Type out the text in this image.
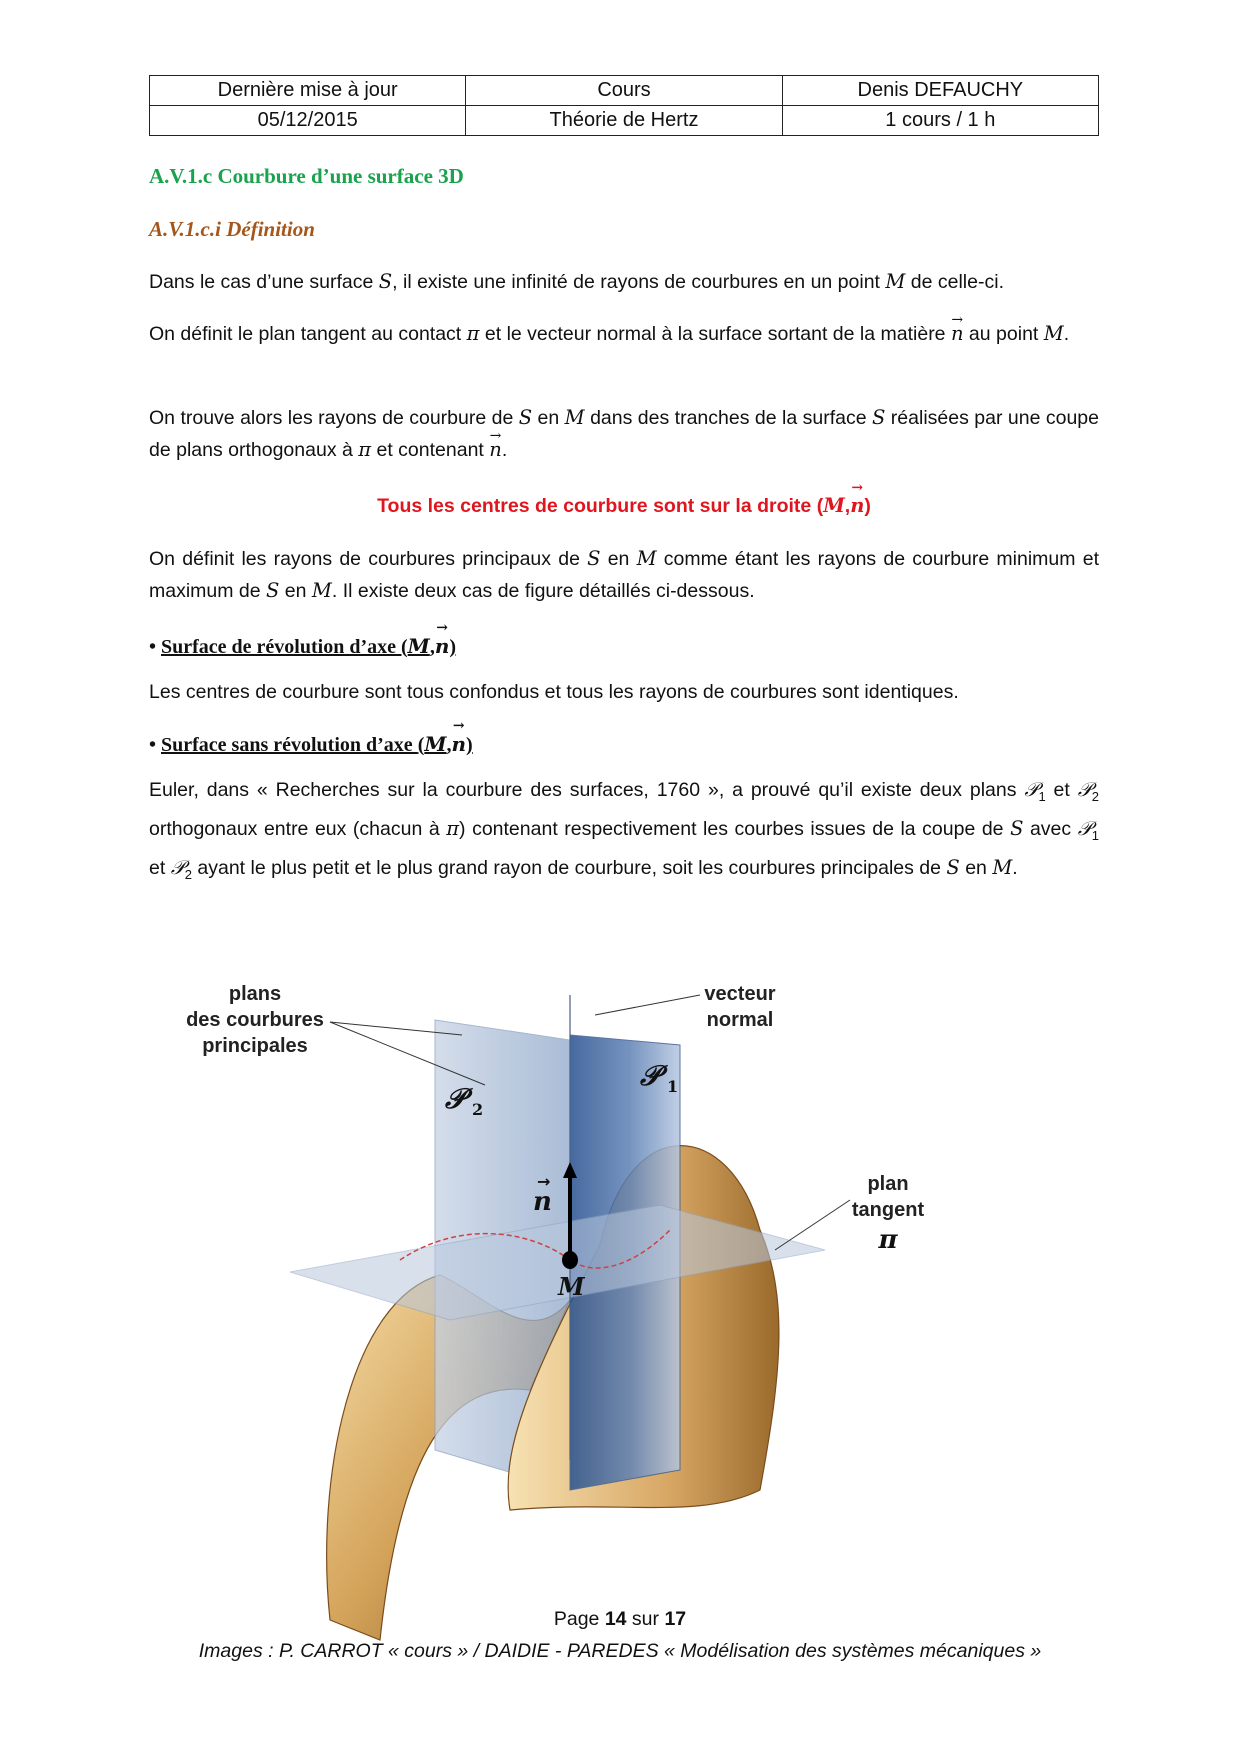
Dernière mise à jour	Cours	Denis DEFAUCHY
05/12/2015	Théorie de Hertz	1 cours / 1 h
A.V.1.c Courbure d’une surface 3D
A.V.1.c.i Définition
Dans le cas d’une surface S, il existe une infinité de rayons de courbures en un point M de celle-ci.
On définit le plan tangent au contact π et le vecteur normal à la surface sortant de la matière → n au point M.
On trouve alors les rayons de courbure de S en M dans des tranches de la surface S réalisées par une coupe de plans orthogonaux à π et contenant → n.
Tous les centres de courbure sont sur la droite (M,→ n)
On définit les rayons de courbures principaux de S en M comme étant les rayons de courbure minimum et maximum de S en M. Il existe deux cas de figure détaillés ci-dessous.
• Surface de révolution d’axe (M,→ n)
Les centres de courbure sont tous confondus et tous les rayons de courbures sont identiques.
• Surface sans révolution d’axe (M,→ n)
Euler, dans « Recherches sur la courbure des surfaces, 1760 », a prouvé qu’il existe deux plans 𝒫$_1$ et 𝒫$_2$ orthogonaux entre eux (chacun à π) contenant respectivement les courbes issues de la coupe de S avec 𝒫$_1$ et 𝒫$_2$ ayant le plus petit et le plus grand rayon de courbure, soit les courbures principales de S en M.
plans
des courbures
principales
vecteur
normal
plan
tangent
π
𝒫 1
𝒫 2
n
M
→
Page 14 sur 17
Images : P. CARROT « cours » / DAIDIE - PAREDES « Modélisation des systèmes mécaniques »
